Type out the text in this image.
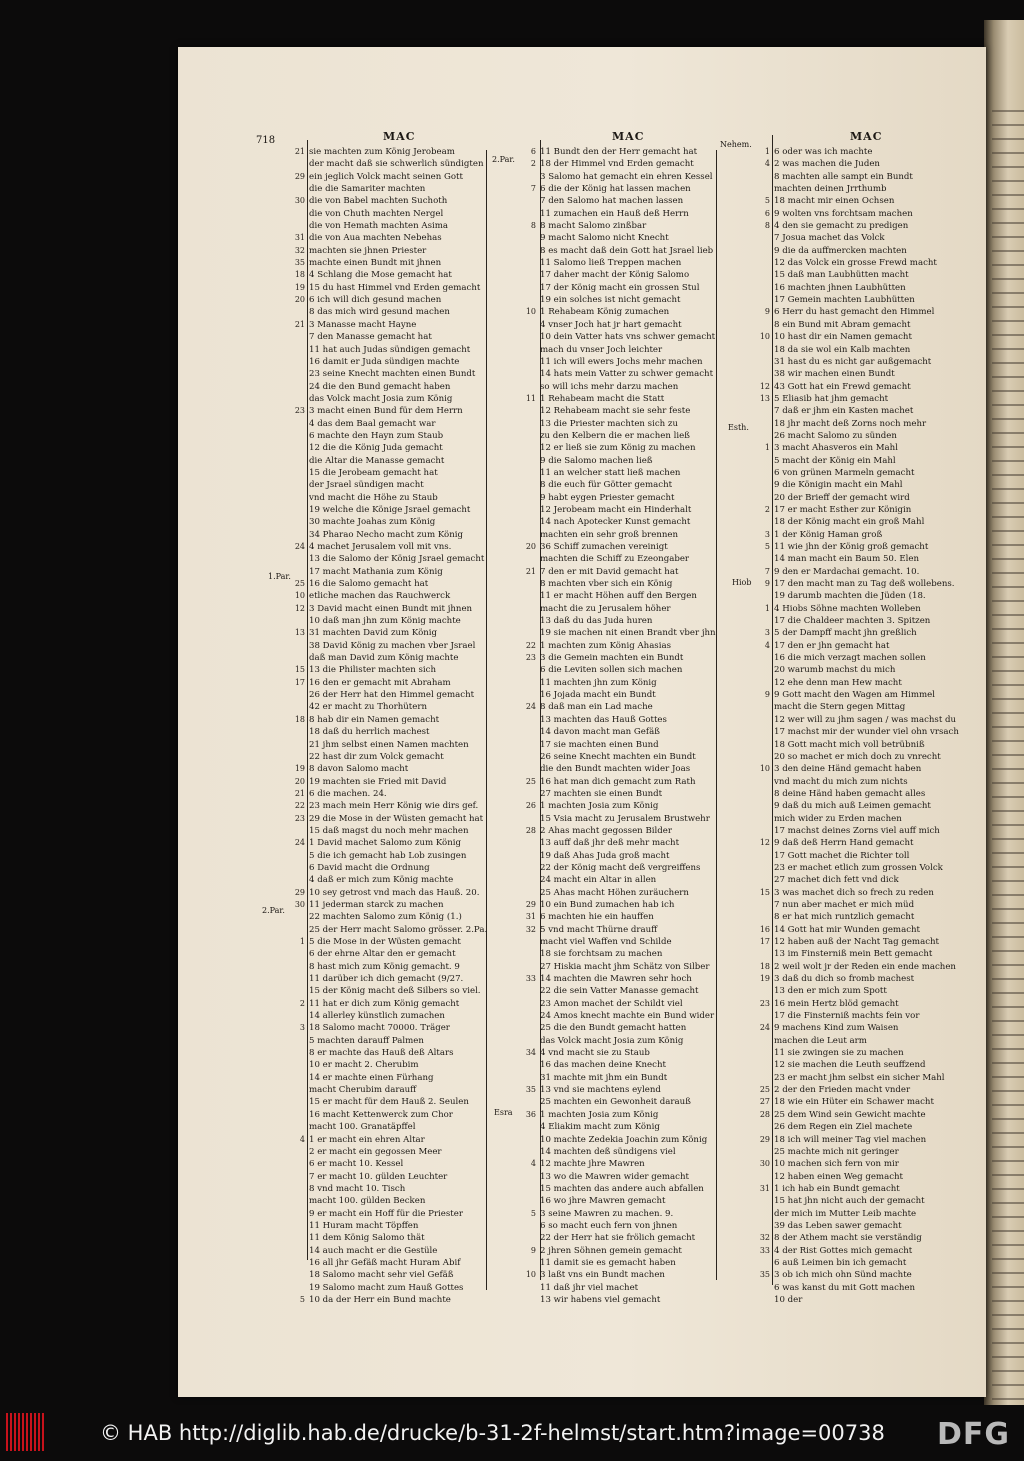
718	MAC	MAC	MAC
2.Par.
Nehem.
Esth.
Hiob
1.Par.
2.Par.
Esra
21 sie machten zum König Jerobeam
der macht daß sie schwerlich sündigten
29 ein jeglich Volck macht seinen Gott
die die Samariter machten
30 die von Babel machten Suchoth
die von Chuth machten Nergel
die von Hemath machten Asima
31 die von Aua machten Nebehas
32 machten sie jhnen Priester
35 machte einen Bundt mit jhnen
18 4 Schlang die Mose gemacht hat
19 15 du hast Himmel vnd Erden gemacht
20 6 ich will dich gesund machen
8 das mich wird gesund machen
21 3 Manasse macht Hayne
7 den Manasse gemacht hat
11 hat auch Judas sündigen gemacht
16 damit er Juda sündigen machte
23 seine Knecht machten einen Bundt
24 die den Bund gemacht haben
das Volck macht Josia zum König
23 3 macht einen Bund für dem Herrn
4 das dem Baal gemacht war
6 machte den Hayn zum Staub
12 die die König Juda gemacht
die Altar die Manasse gemacht
15 die Jerobeam gemacht hat
der Jsrael sündigen macht
vnd macht die Höhe zu Staub
19 welche die Könige Jsrael gemacht
30 machte Joahas zum König
34 Pharao Necho macht zum König
24 4 machet Jerusalem voll mit vns.
13 die Salomo der König Jsrael gemacht
17 macht Mathania zum König
25 16 die Salomo gemacht hat
10 etliche machen das Rauchwerck
12 3 David macht einen Bundt mit jhnen
10 daß man jhn zum König machte
13 31 machten David zum König
38 David König zu machen vber Jsrael
daß man David zum König machte
15 13 die Philister machten sich
17 16 den er gemacht mit Abraham
26 der Herr hat den Himmel gemacht
42 er macht zu Thorhütern
18 8 hab dir ein Namen gemacht
18 daß du herrlich machest
21 jhm selbst einen Namen machten
22 hast dir zum Volck gemacht
19 8 davon Salomo macht
20 19 machten sie Fried mit David
21 6 die machen. 24.
22 23 mach mein Herr König wie dirs gef.
23 29 die Mose in der Wüsten gemacht hat
15 daß magst du noch mehr machen
24 1 David machet Salomo zum König
5 die ich gemacht hab Lob zusingen
6 David macht die Ordnung
4 daß er mich zum König machte
29 10 sey getrost vnd mach das Hauß. 20.
30 11 jederman starck zu machen
22 machten Salomo zum König (1.)
25 der Herr macht Salomo grösser. 2.Pa.
1 5 die Mose in der Wüsten gemacht
6 der ehrne Altar den er gemacht
8 hast mich zum König gemacht. 9
11 darüber ich dich gemacht (9/27.
15 der König macht deß Silbers so viel.
2 11 hat er dich zum König gemacht
14 allerley künstlich zumachen
3 18 Salomo macht 70000. Träger
5 machten darauff Palmen
8 er machte das Hauß deß Altars
10 er macht 2. Cherubim
14 er machte einen Fürhang
macht Cherubim darauff
15 er macht für dem Hauß 2. Seulen
16 macht Kettenwerck zum Chor
macht 100. Granatäpffel
4 1 er macht ein ehren Altar
2 er macht ein gegossen Meer
6 er macht 10. Kessel
7 er macht 10. gülden Leuchter
8 vnd macht 10. Tisch
macht 100. gülden Becken
9 er macht ein Hoff für die Priester
11 Huram macht Töpffen
11 dem König Salomo thät
14 auch macht er die Gestüle
16 all jhr Gefäß macht Huram Abif
18 Salomo macht sehr viel Gefäß
19 Salomo macht zum Hauß Gottes
5 10 da der Herr ein Bund machte
6 11 Bundt den der Herr gemacht hat
2 18 der Himmel vnd Erden gemacht
3 Salomo hat gemacht ein ehren Kessel
7 6 die der König hat lassen machen
7 den Salomo hat machen lassen
11 zumachen ein Hauß deß Herrn
8 8 macht Salomo zinßbar
9 macht Salomo nicht Knecht
8 es macht daß dein Gott hat Jsrael lieb
11 Salomo ließ Treppen machen
17 daher macht der König Salomo
17 der König macht ein grossen Stul
19 ein solches ist nicht gemacht
10 1 Rehabeam König zumachen
4 vnser Joch hat jr hart gemacht
10 dein Vatter hats vns schwer gemacht
mach du vnser Joch leichter
11 ich will ewers Jochs mehr machen
14 hats mein Vatter zu schwer gemacht
so will ichs mehr darzu machen
11 1 Rehabeam macht die Statt
12 Rehabeam macht sie sehr feste
13 die Priester machten sich zu
zu den Kelbern die er machen ließ
12 er ließ sie zum König zu machen
9 die Salomo machen ließ
11 an welcher statt ließ machen
8 die euch für Götter gemacht
9 habt eygen Priester gemacht
12 Jerobeam macht ein Hinderhalt
14 nach Apotecker Kunst gemacht
machten ein sehr groß brennen
20 36 Schiff zumachen vereinigt
machten die Schiff zu Ezeongaber
21 7 den er mit David gemacht hat
8 machten vber sich ein König
11 er macht Höhen auff den Bergen
macht die zu Jerusalem höher
13 daß du das Juda huren
19 sie machen nit einen Brandt vber jhn
22 1 machten zum König Ahasias
23 3 die Gemein machten ein Bundt
6 die Leviten sollen sich machen
11 machten jhn zum König
16 Jojada macht ein Bundt
24 8 daß man ein Lad mache
13 machten das Hauß Gottes
14 davon macht man Gefäß
17 sie machten einen Bund
26 seine Knecht machten ein Bundt
die den Bundt machten wider Joas
25 16 hat man dich gemacht zum Rath
27 machten sie einen Bundt
26 1 machten Josia zum König
15 Vsia macht zu Jerusalem Brustwehr
28 2 Ahas macht gegossen Bilder
13 auff daß jhr deß mehr macht
19 daß Ahas Juda groß macht
22 der König macht deß vergreiffens
24 macht ein Altar in allen
25 Ahas macht Höhen zuräuchern
29 10 ein Bund zumachen hab ich
31 6 machten hie ein hauffen
32 5 vnd macht Thürne drauff
macht viel Waffen vnd Schilde
18 sie forchtsam zu machen
27 Hiskia macht jhm Schätz von Silber
33 14 machten die Mawren sehr hoch
22 die sein Vatter Manasse gemacht
23 Amon machet der Schildt viel
24 Amos knecht machte ein Bund wider
25 die den Bundt gemacht hatten
das Volck macht Josia zum König
34 4 vnd macht sie zu Staub
16 das machen deine Knecht
31 machte mit jhm ein Bundt
35 13 vnd sie machtens eylend
25 machten ein Gewonheit darauß
36 1 machten Josia zum König
4 Eliakim macht zum König
10 machte Zedekia Joachin zum König
14 machten deß sündigens viel
4 12 machte jhre Mawren
13 wo die Mawren wider gemacht
15 machten das andere auch abfallen
16 wo jhre Mawren gemacht
5 3 seine Mawren zu machen. 9.
6 so macht euch fern von jhnen
22 der Herr hat sie frölich gemacht
9 2 jhren Söhnen gemein gemacht
11 damit sie es gemacht haben
10 3 laßt vns ein Bundt machen
11 daß jhr viel machet
13 wir habens viel gemacht
1 6 oder was ich machte
4 2 was machen die Juden
8 machten alle sampt ein Bundt
machten deinen Jrrthumb
5 18 macht mir einen Ochsen
6 9 wolten vns forchtsam machen
8 4 den sie gemacht zu predigen
7 Josua machet das Volck
9 die da auffmercken machten
12 das Volck ein grosse Frewd macht
15 daß man Laubhütten macht
16 machten jhnen Laubhütten
17 Gemein machten Laubhütten
9 6 Herr du hast gemacht den Himmel
8 ein Bund mit Abram gemacht
10 10 hast dir ein Namen gemacht
18 da sie wol ein Kalb machten
31 hast du es nicht gar außgemacht
38 wir machen einen Bundt
12 43 Gott hat ein Frewd gemacht
13 5 Eliasib hat jhm gemacht
7 daß er jhm ein Kasten machet
18 jhr macht deß Zorns noch mehr
26 macht Salomo zu sünden
1 3 macht Ahasveros ein Mahl
5 macht der König ein Mahl
6 von grünen Marmeln gemacht
9 die Königin macht ein Mahl
20 der Brieff der gemacht wird
2 17 er macht Esther zur Königin
18 der König macht ein groß Mahl
3 1 der König Haman groß
5 11 wie jhn der König groß gemacht
14 man macht ein Baum 50. Elen
7 9 den er Mardachai gemacht. 10.
9 17 den macht man zu Tag deß wollebens.
19 darumb machten die Jüden (18.
1 4 Hiobs Söhne machten Wolleben
17 die Chaldeer machten 3. Spitzen
3 5 der Dampff macht jhn greßlich
4 17 den er jhn gemacht hat
16 die mich verzagt machen sollen
20 warumb machst du mich
12 ehe denn man Hew macht
9 9 Gott macht den Wagen am Himmel
macht die Stern gegen Mittag
12 wer will zu jhm sagen / was machst du
17 machst mir der wunder viel ohn vrsach
18 Gott macht mich voll betrübniß
20 so machet er mich doch zu vnrecht
10 3 den deine Händ gemacht haben
vnd macht du mich zum nichts
8 deine Händ haben gemacht alles
9 daß du mich auß Leimen gemacht
mich wider zu Erden machen
17 machst deines Zorns viel auff mich
12 9 daß deß Herrn Hand gemacht
17 Gott machet die Richter toll
23 er machet etlich zum grossen Volck
27 machet dich fett vnd dick
15 3 was machet dich so frech zu reden
7 nun aber machet er mich müd
8 er hat mich runtzlich gemacht
16 14 Gott hat mir Wunden gemacht
17 12 haben auß der Nacht Tag gemacht
13 im Finsterniß mein Bett gemacht
18 2 weil wolt jr der Reden ein ende machen
19 3 daß du dich so fromb machest
13 den er mich zum Spott
23 16 mein Hertz blöd gemacht
17 die Finsterniß machts fein vor
24 9 machens Kind zum Waisen
machen die Leut arm
11 sie zwingen sie zu machen
12 sie machen die Leuth seuffzend
23 er macht jhm selbst ein sicher Mahl
25 2 der den Frieden macht vnder
27 18 wie ein Hüter ein Schawer macht
28 25 dem Wind sein Gewicht machte
26 dem Regen ein Ziel machete
29 18 ich will meiner Tag viel machen
25 machte mich nit geringer
30 10 machen sich fern von mir
12 haben einen Weg gemacht
31 1 ich hab ein Bundt gemacht
15 hat jhn nicht auch der gemacht
der mich im Mutter Leib machte
39 das Leben sawer gemacht
32 8 der Athem macht sie verständig
33 4 der Rist Gottes mich gemacht
6 auß Leimen bin ich gemacht
35 3 ob ich mich ohn Sünd machte
6 was kanst du mit Gott machen
10 der
© HAB http://diglib.hab.de/drucke/b-31-2f-helmst/start.htm?image=00738 DFG
